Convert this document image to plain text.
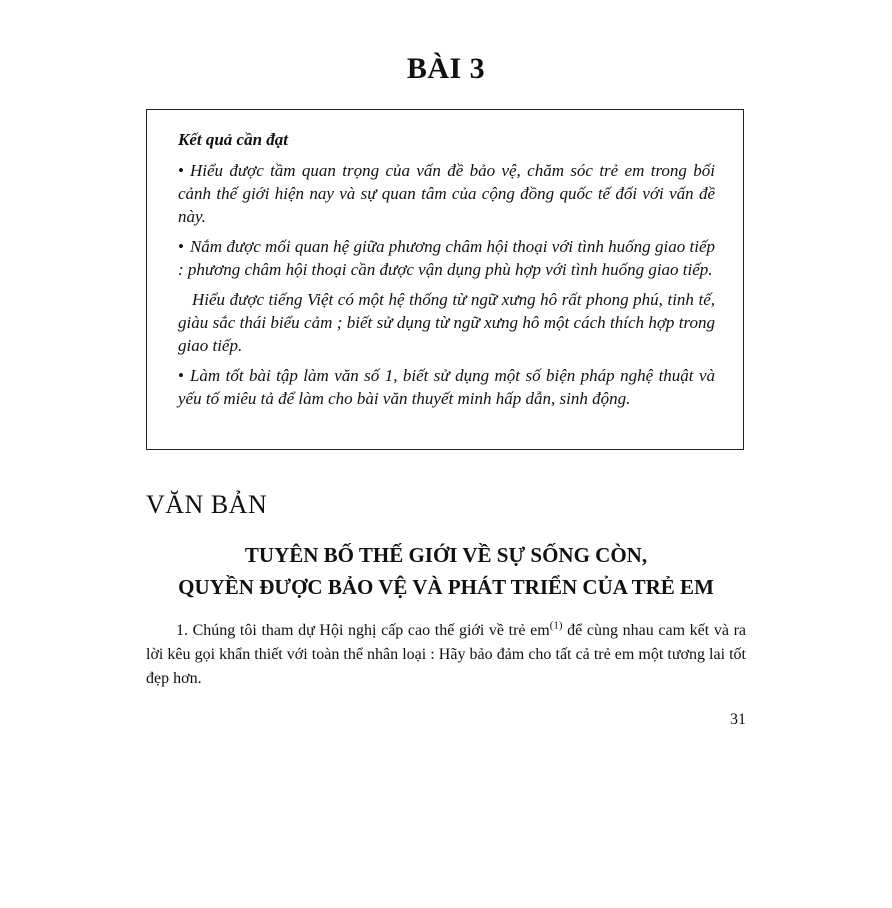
BÀI 3

Kết quả cần đạt

• Hiểu được tầm quan trọng của vấn đề bảo vệ, chăm sóc trẻ em trong bối cảnh thế giới hiện nay và sự quan tâm của cộng đồng quốc tế đối với vấn đề này.

• Nắm được mối quan hệ giữa phương châm hội thoại với tình huống giao tiếp : phương châm hội thoại cần được vận dụng phù hợp với tình huống giao tiếp.

Hiểu được tiếng Việt có một hệ thống từ ngữ xưng hô rất phong phú, tinh tế, giàu sắc thái biểu cảm ; biết sử dụng từ ngữ xưng hô một cách thích hợp trong giao tiếp.

• Làm tốt bài tập làm văn số 1, biết sử dụng một số biện pháp nghệ thuật và yếu tố miêu tả để làm cho bài văn thuyết minh hấp dẫn, sinh động.

VĂN BẢN
TUYÊN BỐ THẾ GIỚI VỀ SỰ SỐNG CÒN,
QUYỀN ĐƯỢC BẢO VỆ VÀ PHÁT TRIỂN CỦA TRẺ EM

1. Chúng tôi tham dự Hội nghị cấp cao thế giới về trẻ $em^{(1)}$ để cùng nhau cam kết và ra lời kêu gọi khẩn thiết với toàn thể nhân loại : Hãy bảo đảm cho tất cả trẻ em một tương lai tốt đẹp hơn.

31
